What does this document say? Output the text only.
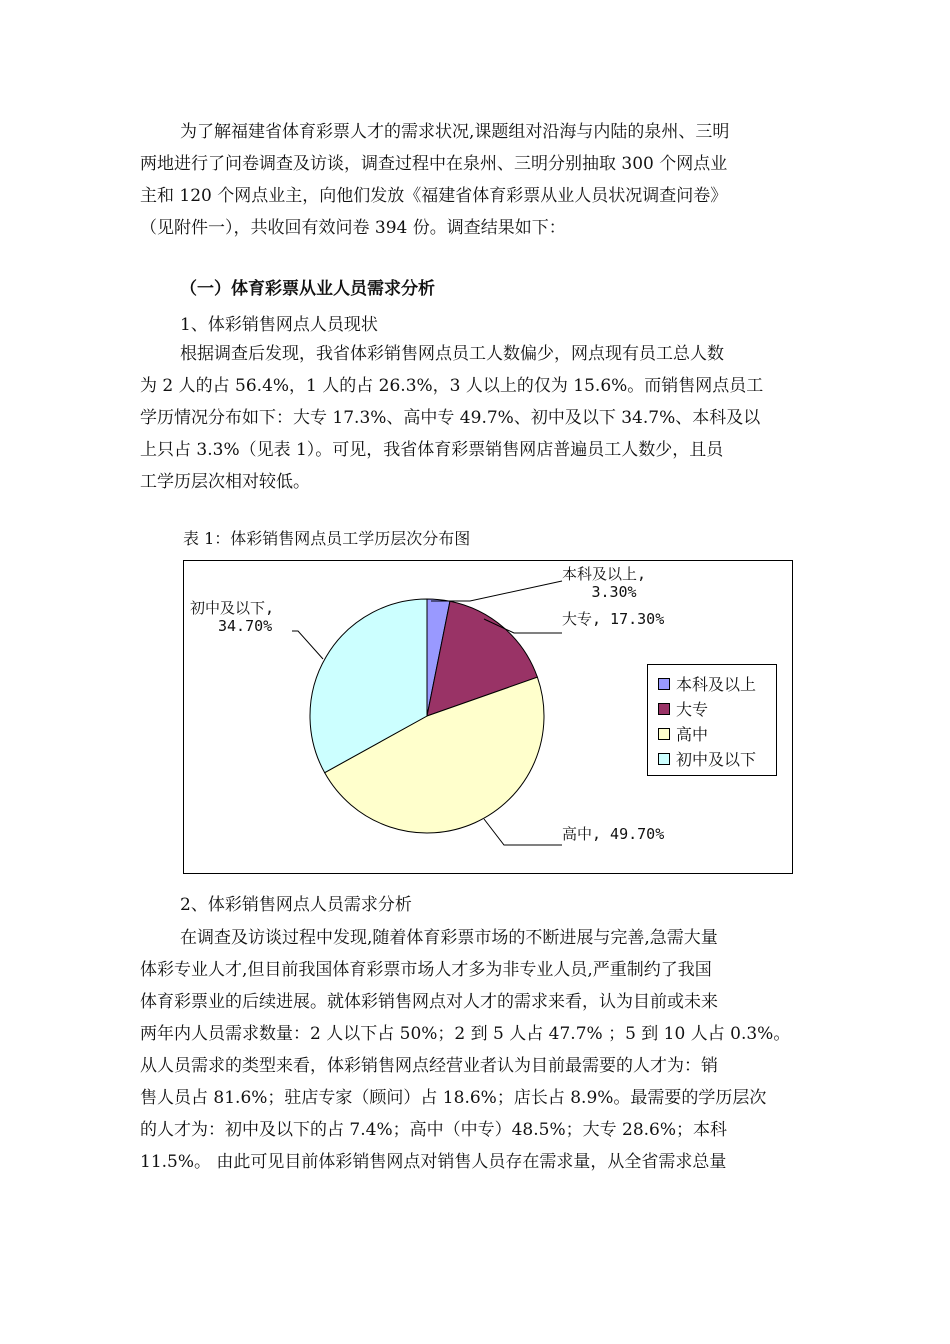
为了解福建省体育彩票人才的需求状况,课题组对沿海与内陆的泉州、三明
两地进行了问卷调查及访谈，调查过程中在泉州、三明分别抽取 300 个网点业
主和 120 个网点业主，向他们发放《福建省体育彩票从业人员状况调查问卷》
（见附件一），共收回有效问卷 394 份。调查结果如下：
（一）体育彩票从业人员需求分析
1、体彩销售网点人员现状
根据调查后发现，我省体彩销售网点员工人数偏少，网点现有员工总人数
为 2 人的占 56.4%，1 人的占 26.3%，3 人以上的仅为 15.6%。而销售网点员工
学历情况分布如下：大专 17.3%、高中专 49.7%、初中及以下 34.7%、本科及以
上只占 3.3%（见表 1）。可见，我省体育彩票销售网店普遍员工人数少，且员
工学历层次相对较低。
表 1：体彩销售网点员工学历层次分布图
本科及以上,
3.30%
大专, 17.30%
高中, 49.70%
初中及以下,
34.70%
本科及以上
大专
高中
初中及以下
2、体彩销售网点人员需求分析
在调查及访谈过程中发现,随着体育彩票市场的不断进展与完善,急需大量
体彩专业人才,但目前我国体育彩票市场人才多为非专业人员,严重制约了我国
体育彩票业的后续进展。就体彩销售网点对人才的需求来看，认为目前或未来
两年内人员需求数量：2 人以下占 50%；2 到 5 人占 47.7% ；5 到 10 人占 0.3%。
从人员需求的类型来看，体彩销售网点经营业者认为目前最需要的人才为：销
售人员占 81.6%；驻店专家（顾问）占 18.6%；店长占 8.9%。最需要的学历层次
的人才为：初中及以下的占 7.4%；高中（中专）48.5%；大专 28.6%；本科
11.5%。 由此可见目前体彩销售网点对销售人员存在需求量，从全省需求总量
